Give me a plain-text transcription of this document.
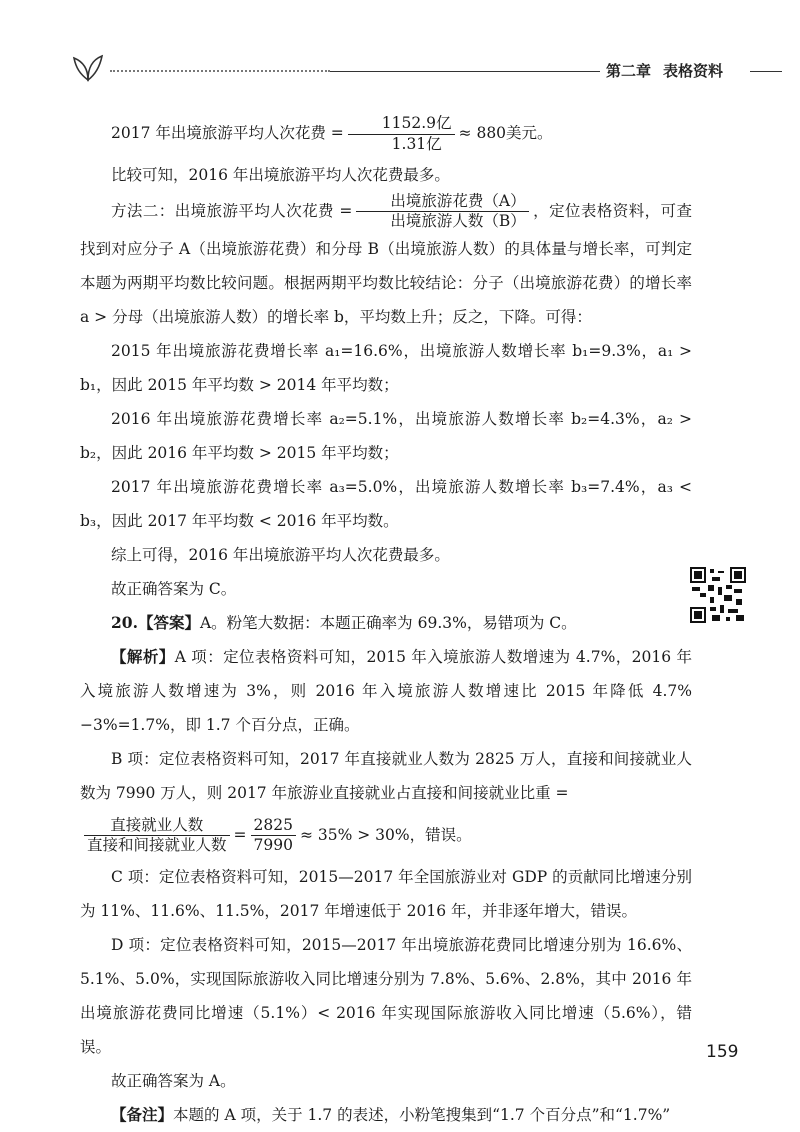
第二章 表格资料

2017 年出境旅游平均人次花费 = $\frac{\text{1152.9亿}}{\text{1.31亿}} \approx 880$美元。

比较可知，2016 年出境旅游平均人次花费最多。

方法二：出境旅游平均人次花费 = $\frac{\text{出境旅游花费（A）}}{\text{出境旅游人数（B）}}$ ，定位表格资料，可查找到对应分子 A（出境旅游花费）和分母 B（出境旅游人数）的具体量与增长率，可判定本题为两期平均数比较问题。根据两期平均数比较结论：分子（出境旅游花费）的增长率 a > 分母（出境旅游人数）的增长率 b，平均数上升；反之，下降。可得：

2015 年出境旅游花费增长率 a₁=16.6%，出境旅游人数增长率 b₁=9.3%，a₁ > b₁，因此 2015 年平均数 > 2014 年平均数；

2016 年出境旅游花费增长率 a₂=5.1%，出境旅游人数增长率 b₂=4.3%，a₂ > b₂，因此 2016 年平均数 > 2015 年平均数；

2017 年出境旅游花费增长率 a₃=5.0%，出境旅游人数增长率 b₃=7.4%，a₃ < b₃，因此 2017 年平均数 < 2016 年平均数。

综上可得，2016 年出境旅游平均人次花费最多。

故正确答案为 C。

20.【答案】A。粉笔大数据：本题正确率为 69.3%，易错项为 C。

【解析】A 项：定位表格资料可知，2015 年入境旅游人数增速为 4.7%，2016 年入境旅游人数增速为 3%，则 2016 年入境旅游人数增速比 2015 年降低 4.7%−3%=1.7%，即 1.7 个百分点，正确。

B 项：定位表格资料可知，2017 年直接就业人数为 2825 万人，直接和间接就业人数为 7990 万人，则 2017 年旅游业直接就业占直接和间接就业比重 =

$\frac{\text{直接就业人数}}{\text{直接和间接就业人数}} = \frac{2825}{7990} \approx 35\% > 30\%$，错误。

C 项：定位表格资料可知，2015—2017 年全国旅游业对 GDP 的贡献同比增速分别为 11%、11.6%、11.5%，2017 年增速低于 2016 年，并非逐年增大，错误。

D 项：定位表格资料可知，2015—2017 年出境旅游花费同比增速分别为 16.6%、5.1%、5.0%，实现国际旅游收入同比增速分别为 7.8%、5.6%、2.8%，其中 2016 年出境旅游花费同比增速（5.1%）< 2016 年实现国际旅游收入同比增速（5.6%），错误。

故正确答案为 A。

【备注】本题的 A 项，关于 1.7 的表述，小粉笔搜集到“1.7 个百分点”和“1.7%”

159
